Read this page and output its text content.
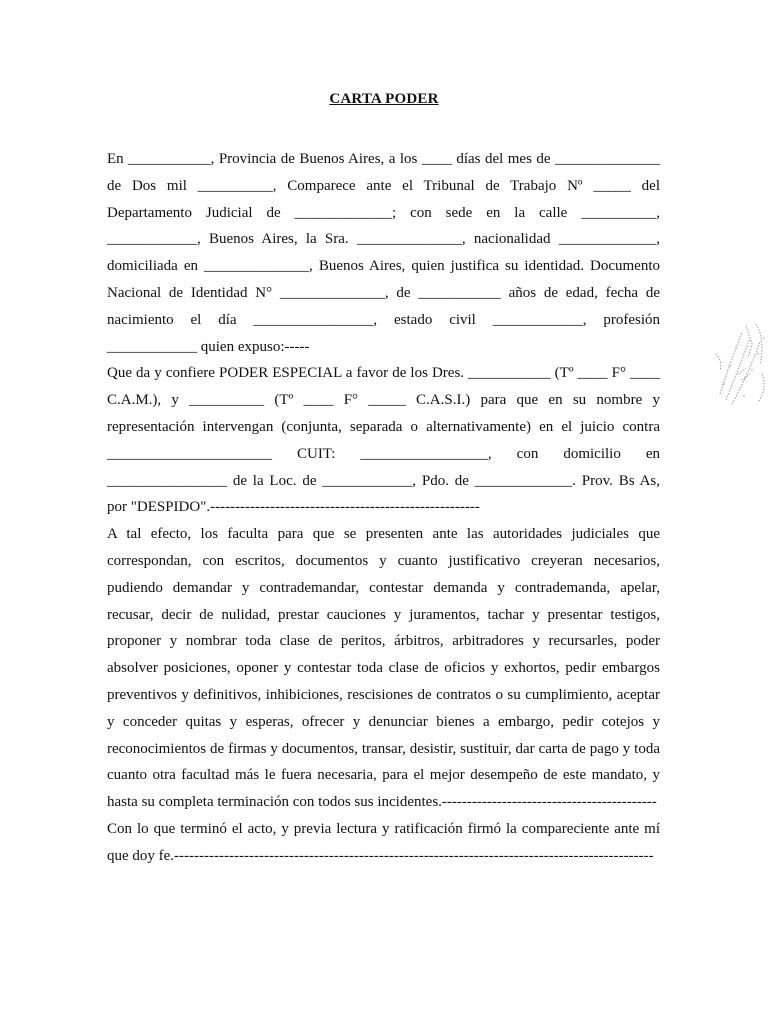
CARTA PODER

En ___________, Provincia de Buenos Aires, a los ____ días del mes de ______________ de Dos mil __________, Comparece ante el Tribunal de Trabajo Nº _____ del Departamento Judicial de _____________; con sede en la calle __________, ____________, Buenos Aires, la Sra. ______________, nacionalidad _____________, domiciliada en ______________, Buenos Aires, quien justifica su identidad. Documento Nacional de Identidad N° ______________, de ___________ años de edad, fecha de nacimiento el día ________________, estado civil ____________, profesión ____________ quien expuso:-----

Que da y confiere PODER ESPECIAL a favor de los Dres. ___________ (Tº ____ F° ____ C.A.M.), y __________ (Tº ____ F° _____ C.A.S.I.) para que en su nombre y representación intervengan (conjunta, separada o alternativamente) en el juicio contra ______________________ CUIT: _________________, con domicilio en ________________ de la Loc. de ____________, Pdo. de _____________. Prov. Bs As, por "DESPIDO".------------------------------------------------------

A tal efecto, los faculta para que se presenten ante las autoridades judiciales que correspondan, con escritos, documentos y cuanto justificativo creyeran necesarios, pudiendo demandar y contrademandar, contestar demanda y contrademanda, apelar, recusar, decir de nulidad, prestar cauciones y juramentos, tachar y presentar testigos, proponer y nombrar toda clase de peritos, árbitros, arbitradores y recursarles, poder absolver posiciones, oponer y contestar toda clase de oficios y exhortos, pedir embargos preventivos y definitivos, inhibiciones, rescisiones de contratos o su cumplimiento, aceptar y conceder quitas y esperas, ofrecer y denunciar bienes a embargo, pedir cotejos y reconocimientos de firmas y documentos, transar, desistir, sustituir, dar carta de pago y toda cuanto otra facultad más le fuera necesaria, para el mejor desempeño de este mandato, y hasta su completa terminación con todos sus incidentes.-------------------------------------------

Con lo que terminó el acto, y previa lectura y ratificación firmó la compareciente ante mí que doy fe.------------------------------------------------------------------------------------------------
